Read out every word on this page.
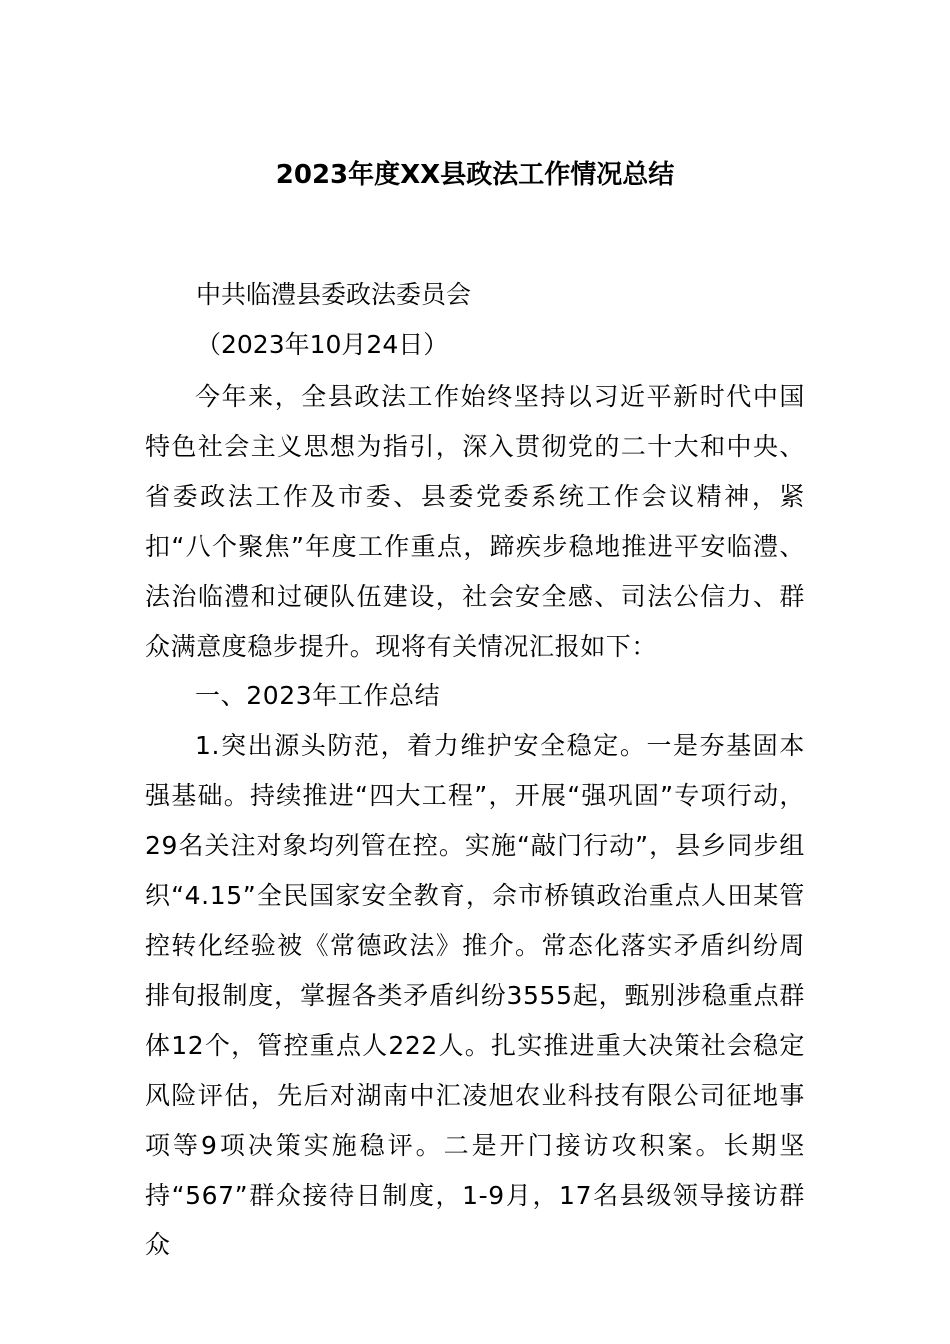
2023年度XX县政法工作情况总结
中共临澧县委政法委员会
（2023年10月24日）

今年来，全县政法工作始终坚持以习近平新时代中国特色社会主义思想为指引，深入贯彻党的二十大和中央、省委政法工作及市委、县委党委系统工作会议精神，紧扣“八个聚焦”年度工作重点，蹄疾步稳地推进平安临澧、法治临澧和过硬队伍建设，社会安全感、司法公信力、群众满意度稳步提升。现将有关情况汇报如下：

一、2023年工作总结

1.突出源头防范，着力维护安全稳定。一是夯基固本强基础。持续推进“四大工程”，开展“强巩固”专项行动，29名关注对象均列管在控。实施“敲门行动”，县乡同步组织“4.15”全民国家安全教育，佘市桥镇政治重点人田某管控转化经验被《常德政法》推介。常态化落实矛盾纠纷周排旬报制度，掌握各类矛盾纠纷3555起，甄别涉稳重点群体12个，管控重点人222人。扎实推进重大决策社会稳定风险评估，先后对湖南中汇凌旭农业科技有限公司征地事项等9项决策实施稳评。二是开门接访攻积案。长期坚持“567”群众接待日制度，1-9月，17名县级领导接访群众
